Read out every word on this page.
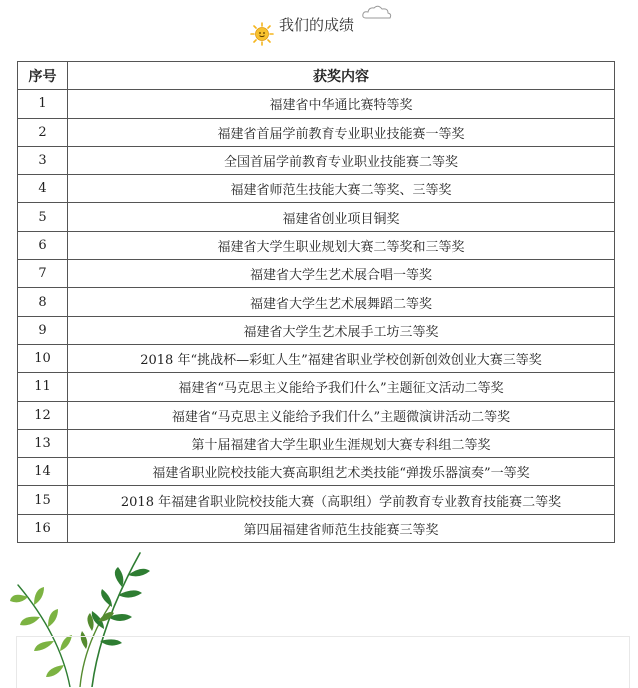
我们的成绩
序号	获奖内容
1	福建省中华通比赛特等奖
2	福建省首届学前教育专业职业技能赛一等奖
3	全国首届学前教育专业职业技能赛二等奖
4	福建省师范生技能大赛二等奖、三等奖
5	福建省创业项目铜奖
6	福建省大学生职业规划大赛二等奖和三等奖
7	福建省大学生艺术展合唱一等奖
8	福建省大学生艺术展舞蹈二等奖
9	福建省大学生艺术展手工坊三等奖
10	2018 年“挑战杯—彩虹人生”福建省职业学校创新创效创业大赛三等奖
11	福建省“马克思主义能给予我们什么”主题征文活动二等奖
12	福建省“马克思主义能给予我们什么”主题微演讲活动二等奖
13	第十届福建省大学生职业生涯规划大赛专科组二等奖
14	福建省职业院校技能大赛高职组艺术类技能“弹拨乐器演奏”一等奖
15	2018 年福建省职业院校技能大赛（高职组）学前教育专业教育技能赛二等奖
16	第四届福建省师范生技能赛三等奖
